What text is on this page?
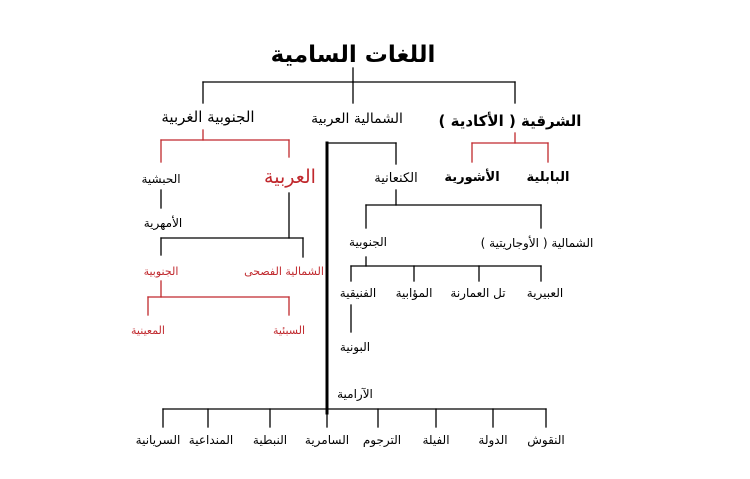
اللغات السامية
الشرقية ( الأكادية )
الشمالية العربية
الجنوبية الغربية
البابلية
الأشورية
الكنعانية
الشمالية ( الأوجاريتية )
الجنوبية
العبيرية
تل العمارنة
المؤابية
الفنيقية
البونية
الآرامية
العربية
الحبشية
الأمهرية
الشمالية الفصحى
الجنوبية
السبئية
المعينية
النقوش
الدولة
الفيلة
الترجوم
السامرية
النبطية
المنداعية
السريانية
